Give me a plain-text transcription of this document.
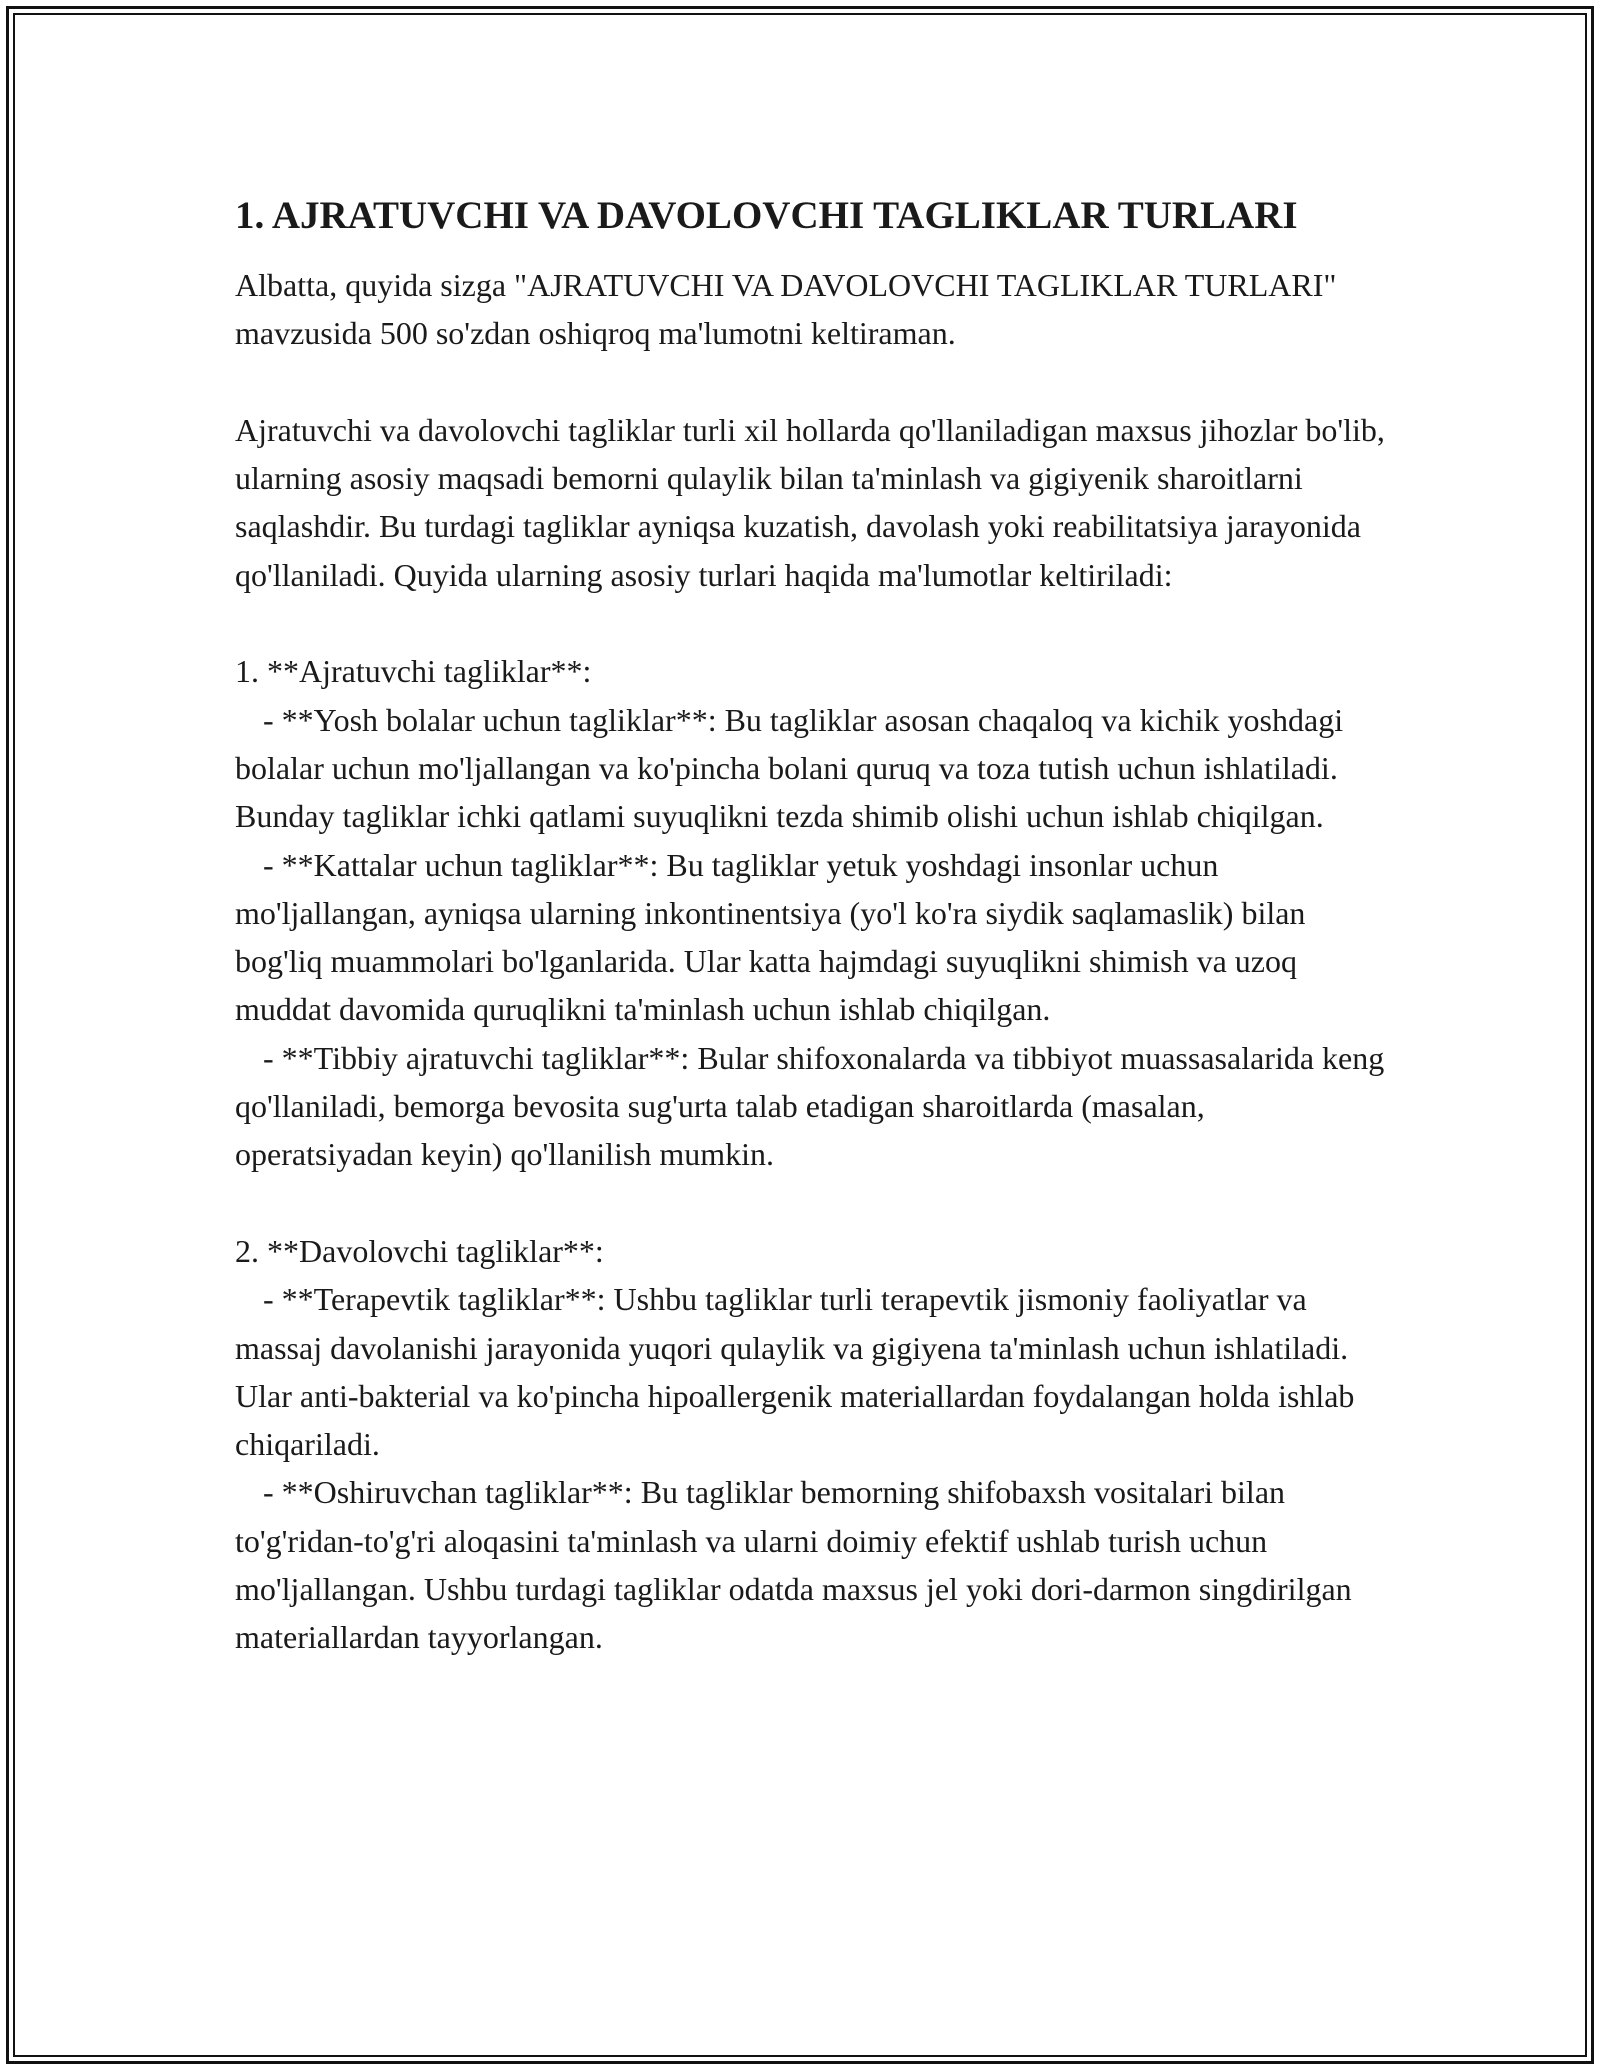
1. AJRATUVCHI VA DAVOLOVCHI TAGLIKLAR TURLARI

Albatta, quyida sizga "AJRATUVCHI VA DAVOLOVCHI TAGLIKLAR TURLARI" mavzusida 500 so'zdan oshiqroq ma'lumotni keltiraman.

Ajratuvchi va davolovchi tagliklar turli xil hollarda qo'llaniladigan maxsus jihozlar bo'lib, ularning asosiy maqsadi bemorni qulaylik bilan ta'minlash va gigiyenik sharoitlarni saqlashdir. Bu turdagi tagliklar ayniqsa kuzatish, davolash yoki reabilitatsiya jarayonida qo'llaniladi. Quyida ularning asosiy turlari haqida ma'lumotlar keltiriladi:

1. **Ajratuvchi tagliklar**:

- **Yosh bolalar uchun tagliklar**: Bu tagliklar asosan chaqaloq va kichik yoshdagi bolalar uchun mo'ljallangan va ko'pincha bolani quruq va toza tutish uchun ishlatiladi. Bunday tagliklar ichki qatlami suyuqlikni tezda shimib olishi uchun ishlab chiqilgan.

- **Kattalar uchun tagliklar**: Bu tagliklar yetuk yoshdagi insonlar uchun mo'ljallangan, ayniqsa ularning inkontinentsiya (yo'l ko'ra siydik saqlamaslik) bilan bog'liq muammolari bo'lganlarida. Ular katta hajmdagi suyuqlikni shimish va uzoq muddat davomida quruqlikni ta'minlash uchun ishlab chiqilgan.

- **Tibbiy ajratuvchi tagliklar**: Bular shifoxonalarda va tibbiyot muassasalarida keng qo'llaniladi, bemorga bevosita sug'urta talab etadigan sharoitlarda (masalan, operatsiyadan keyin) qo'llanilish mumkin.

2. **Davolovchi tagliklar**:

- **Terapevtik tagliklar**: Ushbu tagliklar turli terapevtik jismoniy faoliyatlar va massaj davolanishi jarayonida yuqori qulaylik va gigiyena ta'minlash uchun ishlatiladi. Ular anti-bakterial va ko'pincha hipoallergenik materiallardan foydalangan holda ishlab chiqariladi.

- **Oshiruvchan tagliklar**: Bu tagliklar bemorning shifobaxsh vositalari bilan to'g'ridan-to'g'ri aloqasini ta'minlash va ularni doimiy efektif ushlab turish uchun mo'ljallangan. Ushbu turdagi tagliklar odatda maxsus jel yoki dori-darmon singdirilgan materiallardan tayyorlangan.
